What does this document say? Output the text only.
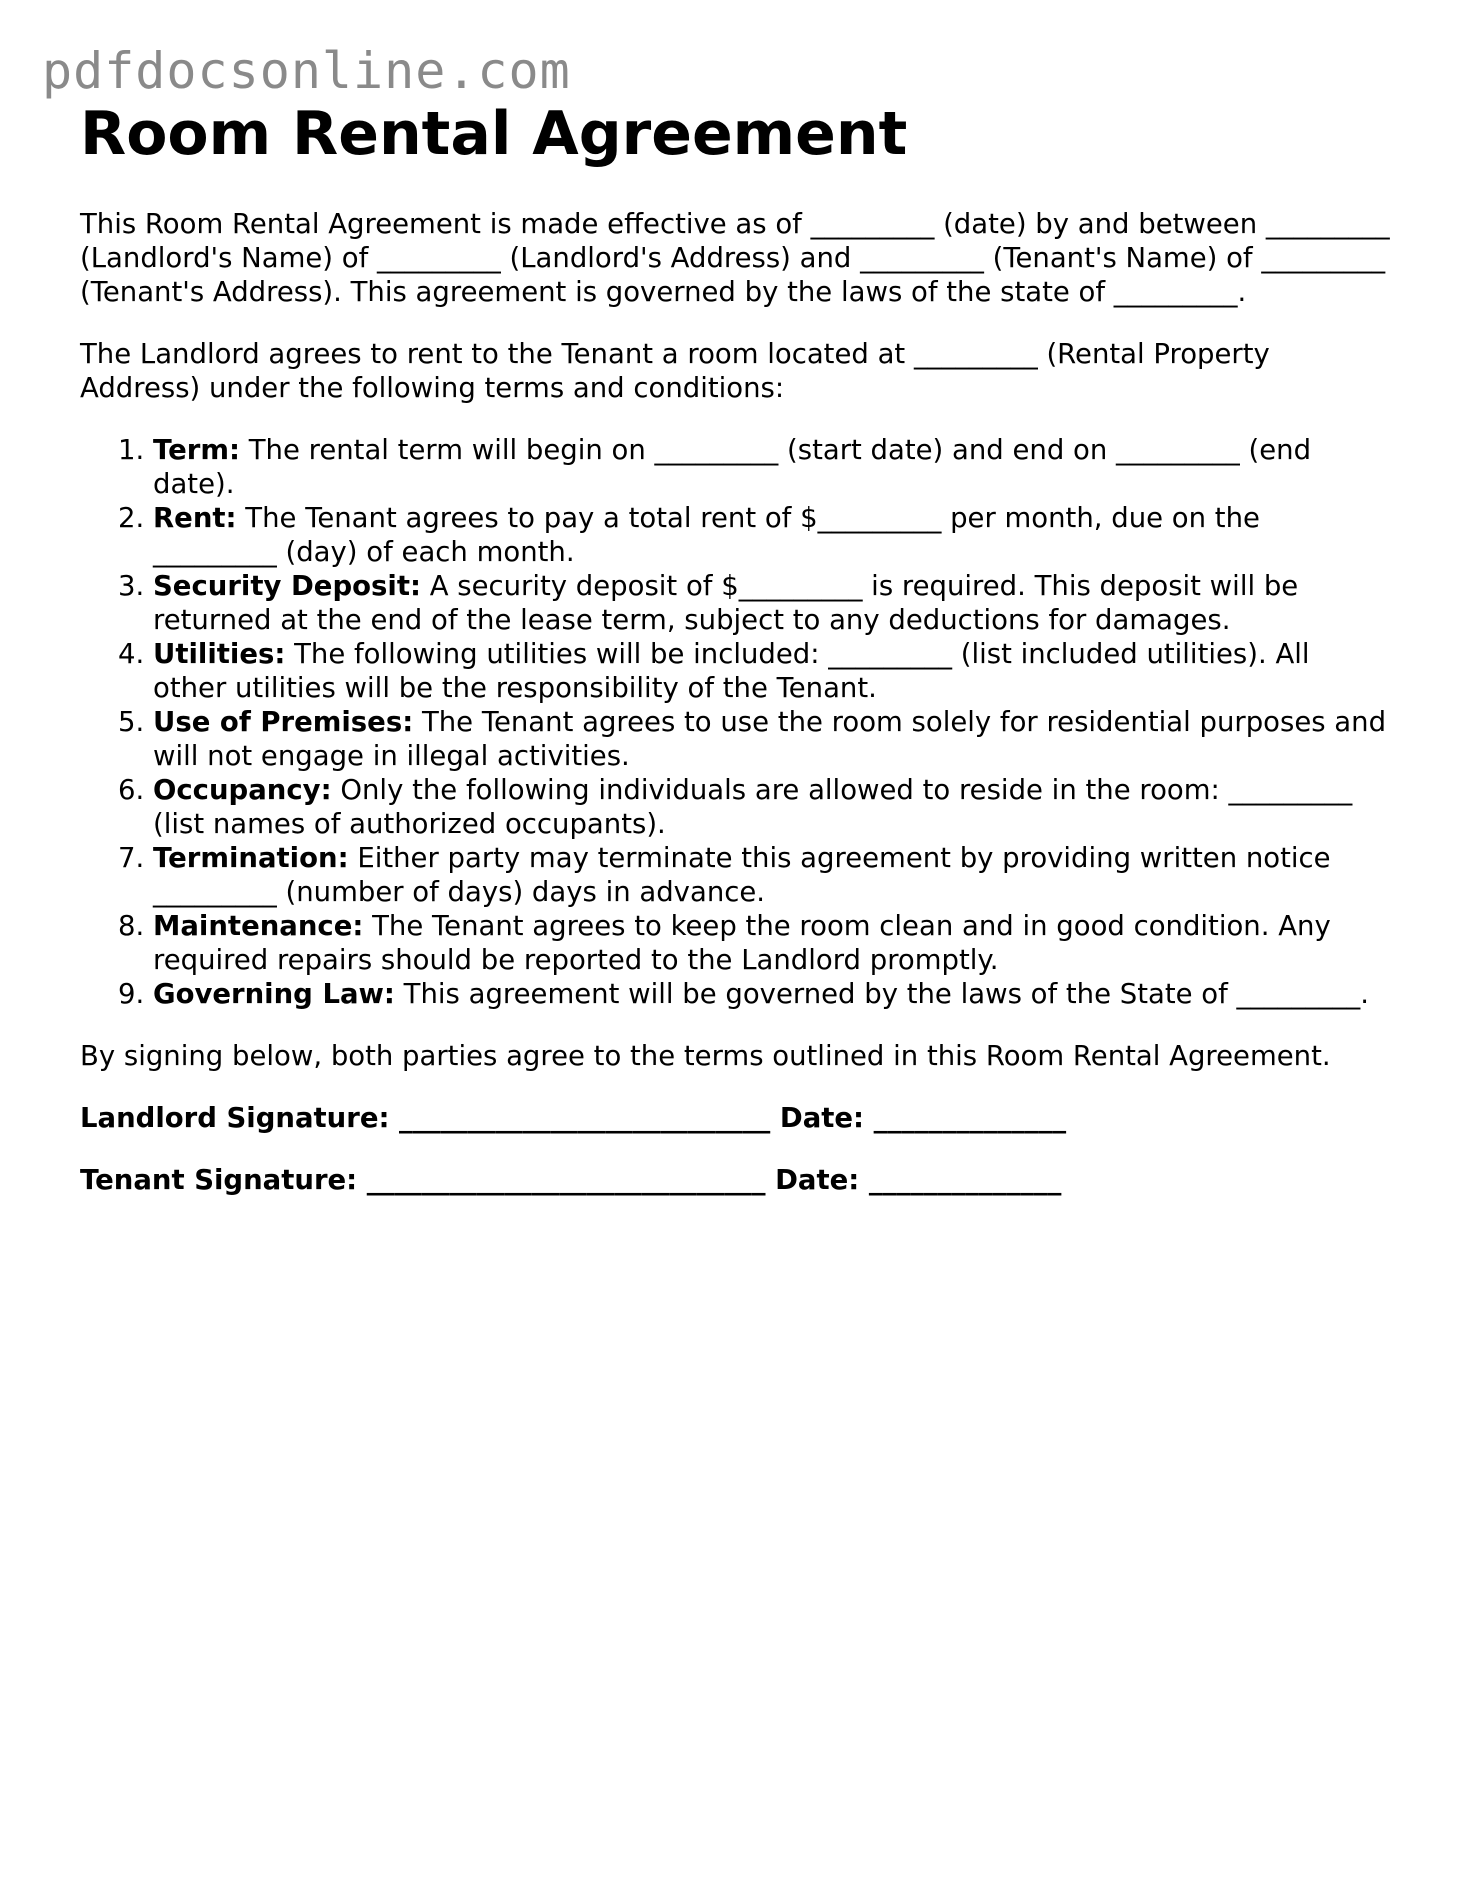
pdfdocsonline.com
Room Rental Agreement

This Room Rental Agreement is made effective as of _________ (date) by and between _________ (Landlord's Name) of _________ (Landlord's Address) and _________ (Tenant's Name) of _________ (Tenant's Address). This agreement is governed by the laws of the state of _________.

The Landlord agrees to rent to the Tenant a room located at _________ (Rental Property Address) under the following terms and conditions:

1. Term: The rental term will begin on _________ (start date) and end on _________ (end date).
2. Rent: The Tenant agrees to pay a total rent of $_________ per month, due on the _________ (day) of each month.
3. Security Deposit: A security deposit of $_________ is required. This deposit will be returned at the end of the lease term, subject to any deductions for damages.
4. Utilities: The following utilities will be included: _________ (list included utilities). All other utilities will be the responsibility of the Tenant.
5. Use of Premises: The Tenant agrees to use the room solely for residential purposes and will not engage in illegal activities.
6. Occupancy: Only the following individuals are allowed to reside in the room: _________ (list names of authorized occupants).
7. Termination: Either party may terminate this agreement by providing written notice _________ (number of days) days in advance.
8. Maintenance: The Tenant agrees to keep the room clean and in good condition. Any required repairs should be reported to the Landlord promptly.
9. Governing Law: This agreement will be governed by the laws of the State of _________.

By signing below, both parties agree to the terms outlined in this Room Rental Agreement.

Landlord Signature: ___________________________ Date: ______________

Tenant Signature: _____________________________ Date: ______________
